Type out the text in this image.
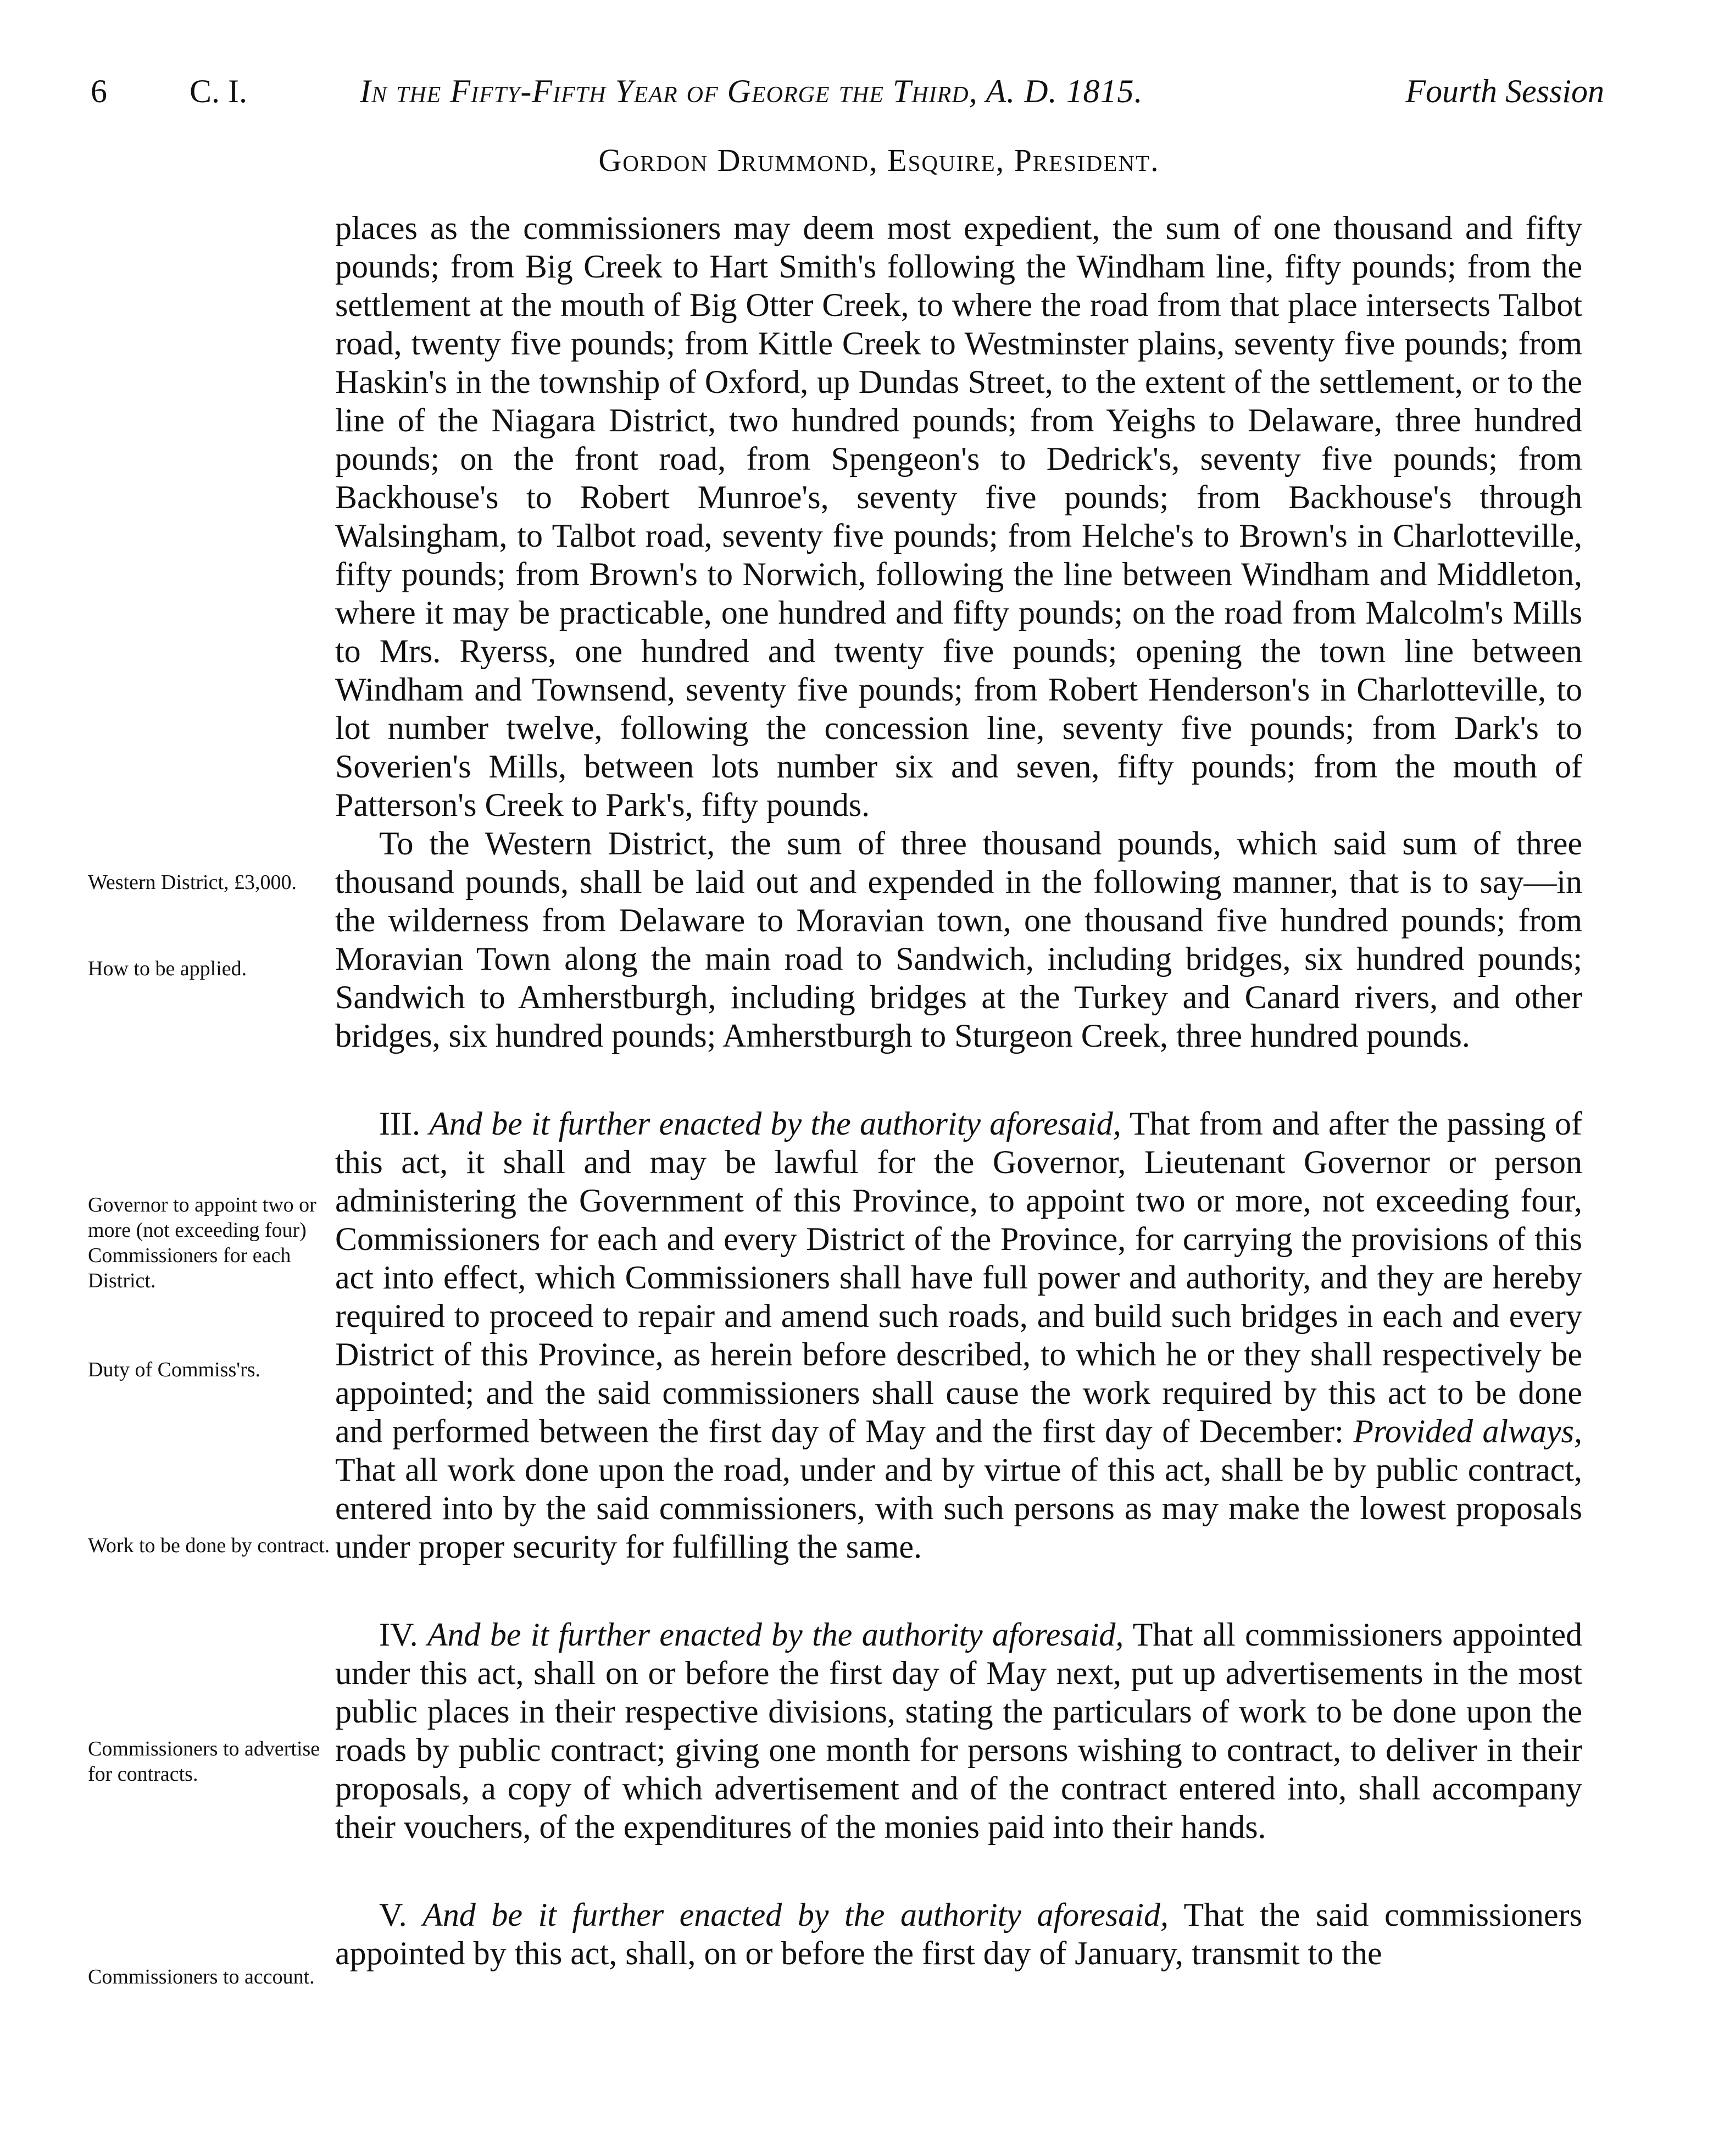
6	C. I.	In the Fifty-Fifth Year of George the Third, A. D. 1815.	Fourth Session
Gordon Drummond, Esquire, President.

places as the commissioners may deem most expedient, the sum of one thousand and fifty pounds; from Big Creek to Hart Smith's following the Windham line, fifty pounds; from the settlement at the mouth of Big Otter Creek, to where the road from that place intersects Talbot road, twenty five pounds; from Kittle Creek to Westminster plains, seventy five pounds; from Haskin's in the township of Oxford, up Dundas Street, to the extent of the settlement, or to the line of the Niagara District, two hundred pounds; from Yeighs to Delaware, three hundred pounds; on the front road, from Spengeon's to Dedrick's, seventy five pounds; from Backhouse's to Robert Munroe's, seventy five pounds; from Backhouse's through Walsingham, to Talbot road, seventy five pounds; from Helche's to Brown's in Charlotteville, fifty pounds; from Brown's to Norwich, following the line between Windham and Middleton, where it may be practicable, one hundred and fifty pounds; on the road from Malcolm's Mills to Mrs. Ryerss, one hundred and twenty five pounds; opening the town line between Windham and Townsend, seventy five pounds; from Robert Henderson's in Charlotteville, to lot number twelve, following the concession line, seventy five pounds; from Dark's to Soverien's Mills, between lots number six and seven, fifty pounds; from the mouth of Patterson's Creek to Park's, fifty pounds.

To the Western District, the sum of three thousand pounds, which said sum of three thousand pounds, shall be laid out and expended in the following manner, that is to say—in the wilderness from Delaware to Moravian town, one thousand five hundred pounds; from Moravian Town along the main road to Sandwich, including bridges, six hundred pounds; Sandwich to Amherstburgh, including bridges at the Turkey and Canard rivers, and other bridges, six hundred pounds; Amherstburgh to Sturgeon Creek, three hundred pounds.

III. And be it further enacted by the authority aforesaid, That from and after the passing of this act, it shall and may be lawful for the Governor, Lieutenant Governor or person administering the Government of this Province, to appoint two or more, not exceeding four, Commissioners for each and every District of the Province, for carrying the provisions of this act into effect, which Commissioners shall have full power and authority, and they are hereby required to proceed to repair and amend such roads, and build such bridges in each and every District of this Province, as herein before described, to which he or they shall respectively be appointed; and the said commissioners shall cause the work required by this act to be done and performed between the first day of May and the first day of December: Provided always, That all work done upon the road, under and by virtue of this act, shall be by public contract, entered into by the said commissioners, with such persons as may make the lowest proposals under proper security for fulfilling the same.

IV. And be it further enacted by the authority aforesaid, That all commissioners appointed under this act, shall on or before the first day of May next, put up advertisements in the most public places in their respective divisions, stating the particulars of work to be done upon the roads by public contract; giving one month for persons wishing to contract, to deliver in their proposals, a copy of which advertisement and of the contract entered into, shall accompany their vouchers, of the expenditures of the monies paid into their hands.

V. And be it further enacted by the authority aforesaid, That the said commissioners appointed by this act, shall, on or before the first day of January, transmit to the

Western District, £3,000.
How to be applied.
Governor to appoint two or more (not exceeding four) Commissioners for each District.
Duty of Commiss'rs.
Work to be done by contract.
Commissioners to advertise for contracts.
Commissioners to account.
